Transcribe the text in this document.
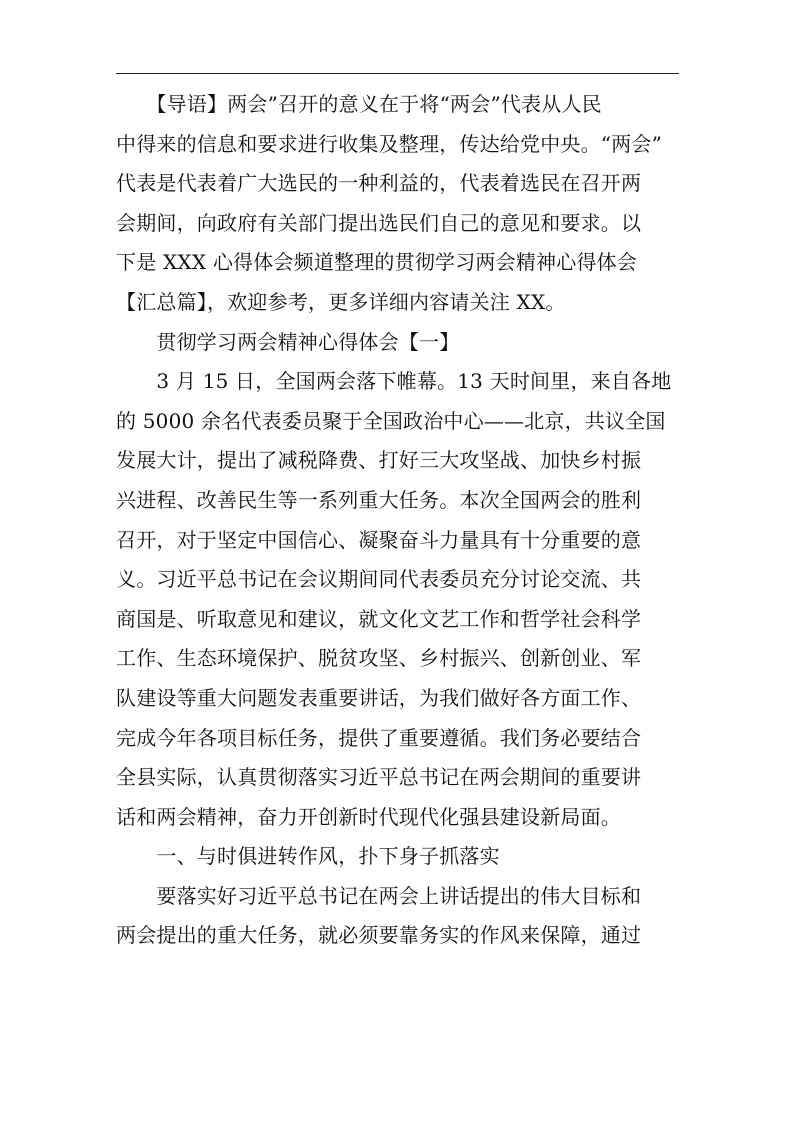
　　【导语】两会”召开的意义在于将“两会”代表从人民
中得来的信息和要求进行收集及整理，传达给党中央。“两会”
代表是代表着广大选民的一种利益的，代表着选民在召开两
会期间，向政府有关部门提出选民们自己的意见和要求。以
下是 XXX 心得体会频道整理的贯彻学习两会精神心得体会
【汇总篇】，欢迎参考，更多详细内容请关注 XX。
　　贯彻学习两会精神心得体会【一】
　　3 月 15 日，全国两会落下帷幕。13 天时间里，来自各地
的 5000 余名代表委员聚于全国政治中心——北京，共议全国
发展大计，提出了减税降费、打好三大攻坚战、加快乡村振
兴进程、改善民生等一系列重大任务。本次全国两会的胜利
召开，对于坚定中国信心、凝聚奋斗力量具有十分重要的意
义。习近平总书记在会议期间同代表委员充分讨论交流、共
商国是、听取意见和建议，就文化文艺工作和哲学社会科学
工作、生态环境保护、脱贫攻坚、乡村振兴、创新创业、军
队建设等重大问题发表重要讲话，为我们做好各方面工作、
完成今年各项目标任务，提供了重要遵循。我们务必要结合
全县实际，认真贯彻落实习近平总书记在两会期间的重要讲
话和两会精神，奋力开创新时代现代化强县建设新局面。
　　一、与时俱进转作风，扑下身子抓落实
　　要落实好习近平总书记在两会上讲话提出的伟大目标和
两会提出的重大任务，就必须要靠务实的作风来保障，通过
